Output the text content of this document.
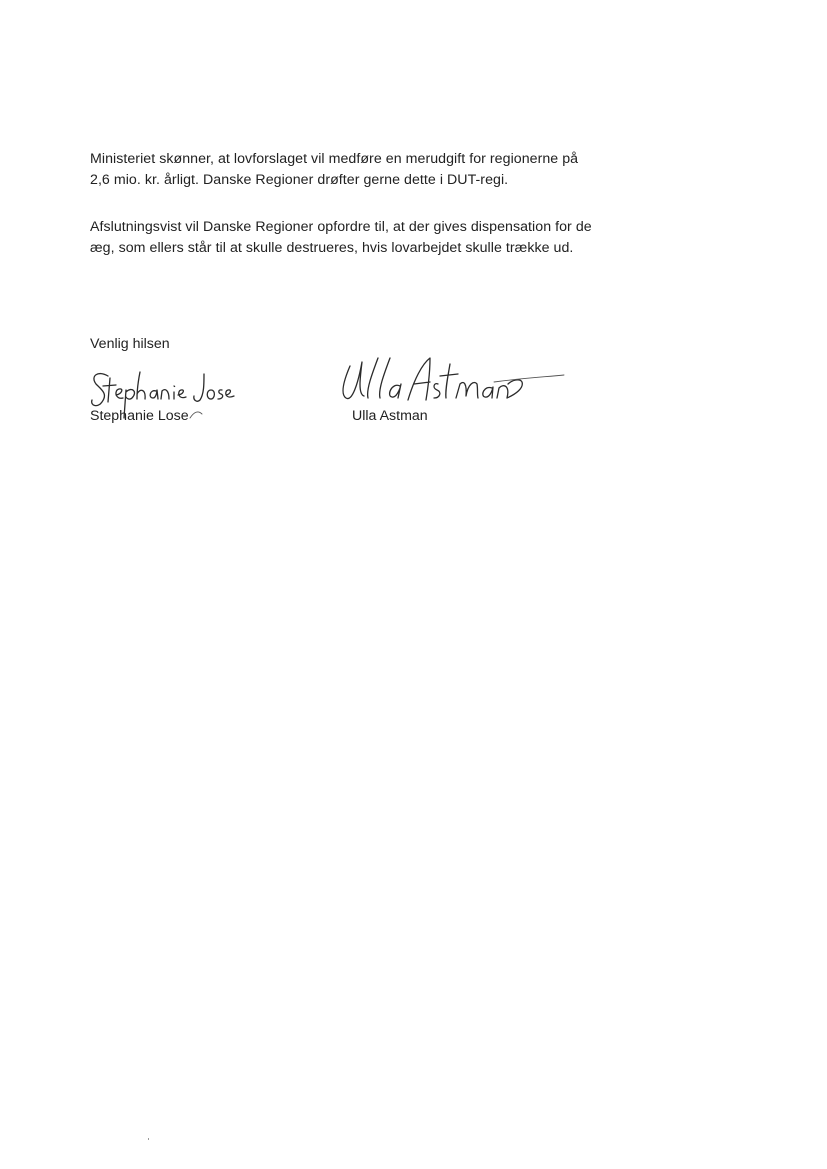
Ministeriet skønner, at lovforslaget vil medføre en merudgift for regionerne på
2,6 mio. kr. årligt. Danske Regioner drøfter gerne dette i DUT-regi.

Afslutningsvist vil Danske Regioner opfordre til, at der gives dispensation for de
æg, som ellers står til at skulle destrueres, hvis lovarbejdet skulle trække ud.

Venlig hilsen

Stephanie Lose	Ulla Astman
